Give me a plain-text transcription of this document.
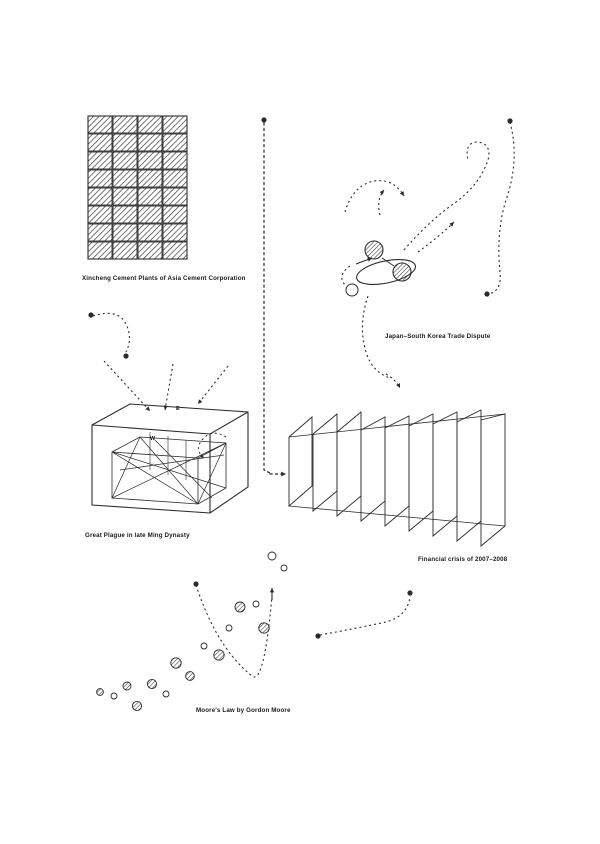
E
W
Xincheng Cement Plants of Asia Cement Corporation
Japan–South Korea Trade Dispute
Great Plague in late Ming Dynasty
Financial crisis of 2007–2008
Moore's Law by Gordon Moore
